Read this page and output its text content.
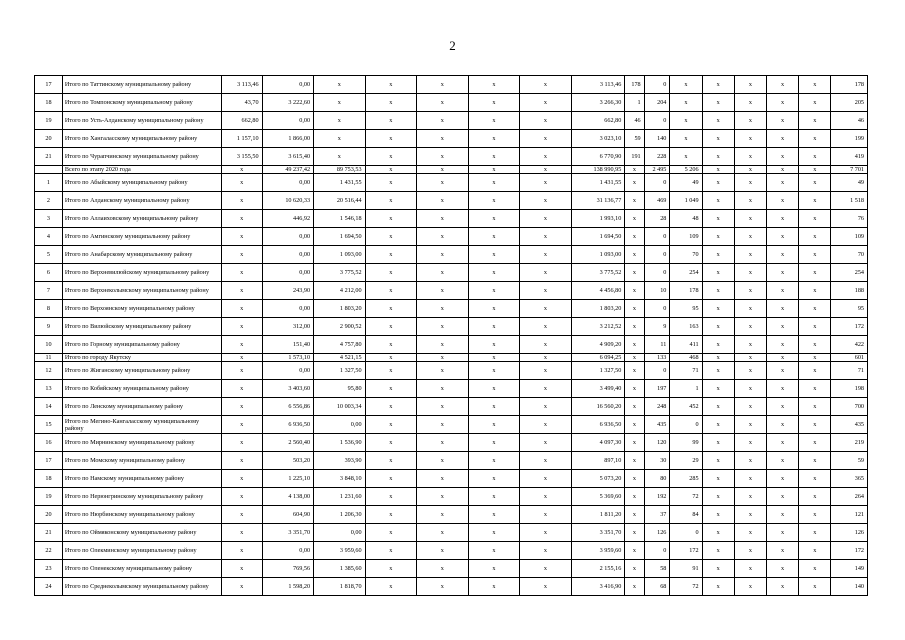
2
17	Итого по Таттинскому муниципальному району	3 113,46	0,00	x	x	x	x	x	3 113,46	178	0	x	x	x	x	x	178
18	Итого по Томпонскому муниципальному району	43,70	3 222,60	x	x	x	x	x	3 266,30	1	204	x	x	x	x	x	205
19	Итого по Усть-Алданскому муниципальному району	662,80	0,00	x	x	x	x	x	662,80	46	0	x	x	x	x	x	46
20	Итого по Хангаласскому муниципальному району	1 157,10	1 866,00	x	x	x	x	x	3 023,10	59	140	x	x	x	x	x	199
21	Итого по Чурапчинскому муниципальному району	3 155,50	3 615,40	x	x	x	x	x	6 770,90	191	228	x	x	x	x	x	419
	Всего по этапу 2020 года	x	49 237,42	89 753,53	x	x	x	x	138 990,95	x	2 495	5 206	x	x	x	x	7 701
1	Итого по Абыйскому муниципальному району	x	0,00	1 431,55	x	x	x	x	1 431,55	x	0	49	x	x	x	x	49
2	Итого по Алданскому муниципальному району	x	10 620,33	20 516,44	x	x	x	x	31 136,77	x	469	1 049	x	x	x	x	1 518
3	Итого по Аллаиховскому муниципальному району	x	446,92	1 546,18	x	x	x	x	1 993,10	x	28	48	x	x	x	x	76
4	Итого по Амгинскому муниципальному району	x	0,00	1 694,50	x	x	x	x	1 694,50	x	0	109	x	x	x	x	109
5	Итого по Анабарскому муниципальному району	x	0,00	1 093,00	x	x	x	x	1 093,00	x	0	70	x	x	x	x	70
6	Итого по Верхневилюйскому муниципальному району	x	0,00	3 775,52	x	x	x	x	3 775,52	x	0	254	x	x	x	x	254
7	Итого по Верхнеколымскому муниципальному району	x	243,90	4 212,00	x	x	x	x	4 456,80	x	10	178	x	x	x	x	188
8	Итого по Верхоянскому муниципальному району	x	0,00	1 803,20	x	x	x	x	1 803,20	x	0	95	x	x	x	x	95
9	Итого по Вилюйскому муниципальному району	x	312,00	2 900,52	x	x	x	x	3 212,52	x	9	163	x	x	x	x	172
10	Итого по Горному муниципальному району	x	151,40	4 757,80	x	x	x	x	4 909,20	x	11	411	x	x	x	x	422
11	Итого по городу Якутску	x	1 573,10	4 521,15	x	x	x	x	6 094,25	x	133	468	x	x	x	x	601
12	Итого по Жиганскому муниципальному району	x	0,00	1 327,50	x	x	x	x	1 327,50	x	0	71	x	x	x	x	71
13	Итого по Кобяйскому муниципальному району	x	3 403,60	95,80	x	x	x	x	3 499,40	x	197	1	x	x	x	x	198
14	Итого по Ленскому муниципальному району	x	6 556,86	10 003,34	x	x	x	x	16 560,20	x	248	452	x	x	x	x	700
15	Итого по Мегино-Кангаласскому муниципальному району	x	6 936,50	0,00	x	x	x	x	6 936,50	x	435	0	x	x	x	x	435
16	Итого по Мирнинскому муниципальному району	x	2 560,40	1 536,90	x	x	x	x	4 097,30	x	120	99	x	x	x	x	219
17	Итого по Момскому муниципальному району	x	503,20	393,90	x	x	x	x	897,10	x	30	29	x	x	x	x	59
18	Итого по Намскому муниципальному району	x	1 225,10	3 848,10	x	x	x	x	5 073,20	x	80	285	x	x	x	x	365
19	Итого по Нерюнгринскому муниципальному району	x	4 138,00	1 231,60	x	x	x	x	5 369,60	x	192	72	x	x	x	x	264
20	Итого по Нюрбинскому муниципальному району	x	604,90	1 206,30	x	x	x	x	1 811,20	x	37	84	x	x	x	x	121
21	Итого по Оймяконскому муниципальному району	x	3 351,70	0,00	x	x	x	x	3 351,70	x	126	0	x	x	x	x	126
22	Итого по Олекминскому муниципальному району	x	0,00	3 959,60	x	x	x	x	3 959,60	x	0	172	x	x	x	x	172
23	Итого по Оленекскому муниципальному району	x	769,56	1 385,60	x	x	x	x	2 155,16	x	58	91	x	x	x	x	149
24	Итого по Среднеколымскому муниципальному району	x	1 598,20	1 818,70	x	x	x	x	3 416,90	x	68	72	x	x	x	x	140
